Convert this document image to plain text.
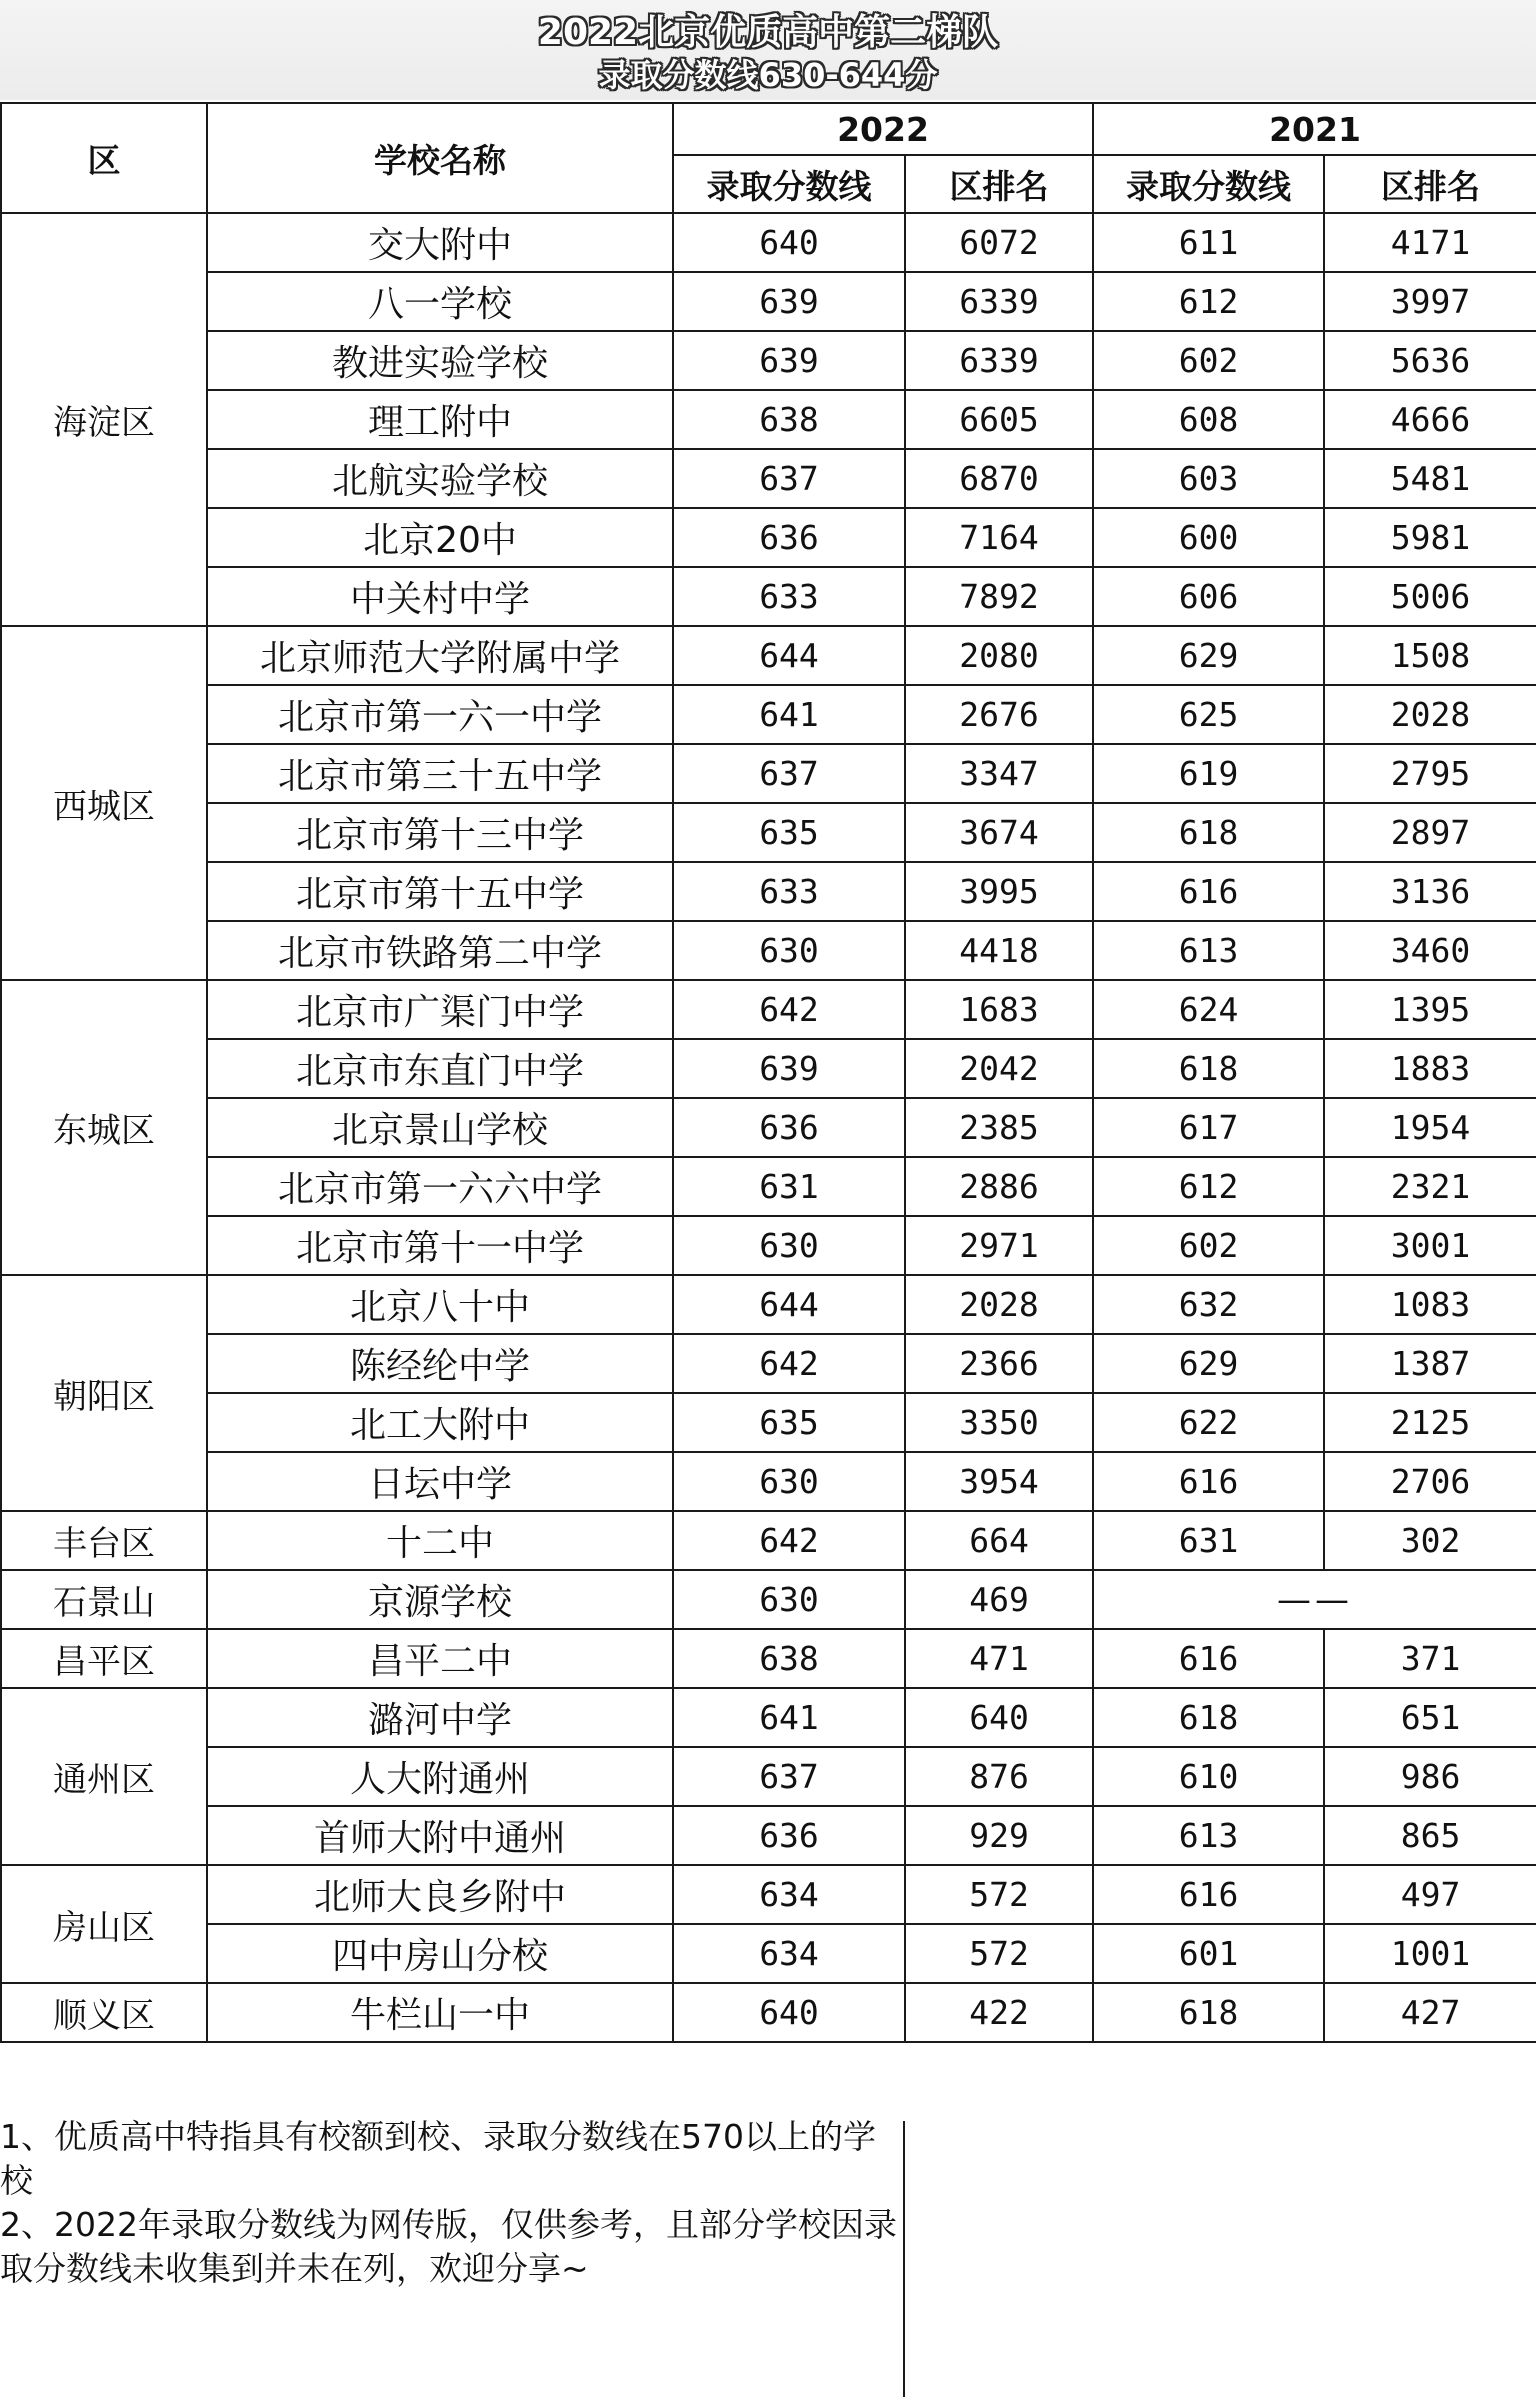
2022北京优质高中第二梯队
录取分数线630-644分
区	学校名称	2022		2021	
		录取分数线	区排名	录取分数线	区排名
海淀区	交大附中	640	6072	611	4171
	八一学校	639	6339	612	3997
	教进实验学校	639	6339	602	5636
	理工附中	638	6605	608	4666
	北航实验学校	637	6870	603	5481
	北京20中	636	7164	600	5981
	中关村中学	633	7892	606	5006
西城区	北京师范大学附属中学	644	2080	629	1508
	北京市第一六一中学	641	2676	625	2028
	北京市第三十五中学	637	3347	619	2795
	北京市第十三中学	635	3674	618	2897
	北京市第十五中学	633	3995	616	3136
	北京市铁路第二中学	630	4418	613	3460
东城区	北京市广渠门中学	642	1683	624	1395
	北京市东直门中学	639	2042	618	1883
	北京景山学校	636	2385	617	1954
	北京市第一六六中学	631	2886	612	2321
	北京市第十一中学	630	2971	602	3001
朝阳区	北京八十中	644	2028	632	1083
	陈经纶中学	642	2366	629	1387
	北工大附中	635	3350	622	2125
	日坛中学	630	3954	616	2706
丰台区	十二中	642	664	631	302
石景山	京源学校	630	469	——	
昌平区	昌平二中	638	471	616	371
通州区	潞河中学	641	640	618	651
	人大附通州	637	876	610	986
	首师大附中通州	636	929	613	865
房山区	北师大良乡附中	634	572	616	497
	四中房山分校	634	572	601	1001
顺义区	牛栏山一中	640	422	618	427
1、优质高中特指具有校额到校、录取分数线在570以上的学校
2、2022年录取分数线为网传版，仅供参考，且部分学校因录取分数线未收集到并未在列，欢迎分享~
